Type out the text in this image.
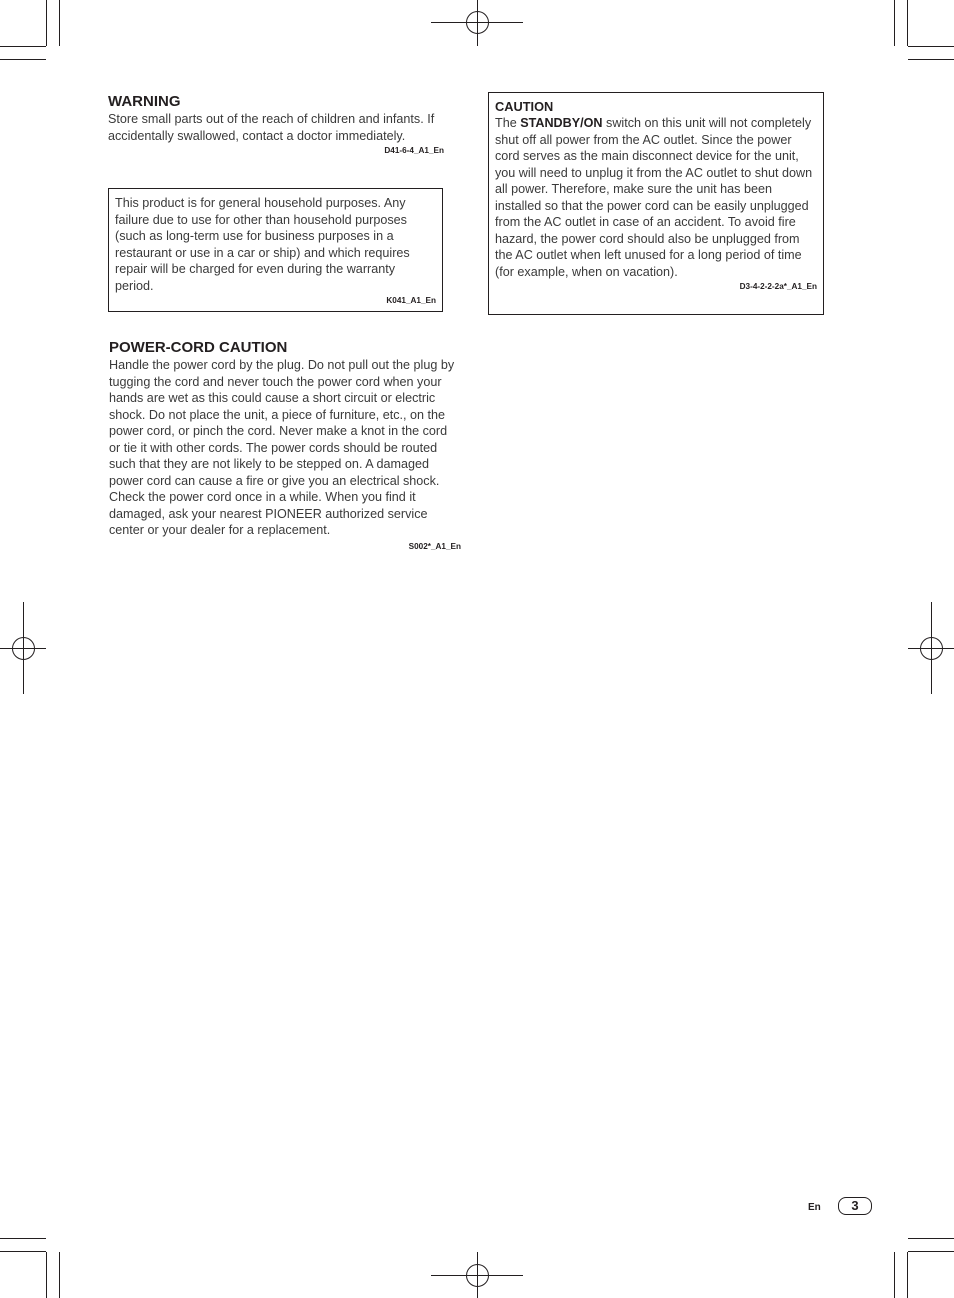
WARNING
Store small parts out of the reach of children and infants. If accidentally swallowed, contact a doctor immediately.
D41-6-4_A1_En
This product is for general household purposes. Any failure due to use for other than household purposes (such as long-term use for business purposes in a restaurant or use in a car or ship) and which requires repair will be charged for even during the warranty period.
K041_A1_En
POWER-CORD CAUTION
Handle the power cord by the plug. Do not pull out the plug by tugging the cord and never touch the power cord when your hands are wet as this could cause a short circuit or electric shock. Do not place the unit, a piece of furniture, etc., on the power cord, or pinch the cord. Never make a knot in the cord or tie it with other cords. The power cords should be routed such that they are not likely to be stepped on. A damaged power cord can cause a fire or give you an electrical shock. Check the power cord once in a while. When you find it damaged, ask your nearest PIONEER authorized service center or your dealer for a replacement.
S002*_A1_En
CAUTION
The STANDBY/ON switch on this unit will not completely shut off all power from the AC outlet. Since the power cord serves as the main disconnect device for the unit, you will need to unplug it from the AC outlet to shut down all power. Therefore, make sure the unit has been installed so that the power cord can be easily unplugged from the AC outlet in case of an accident. To avoid fire hazard, the power cord should also be unplugged from the AC outlet when left unused for a long period of time (for example, when on vacation).
D3-4-2-2-2a*_A1_En
En	3
